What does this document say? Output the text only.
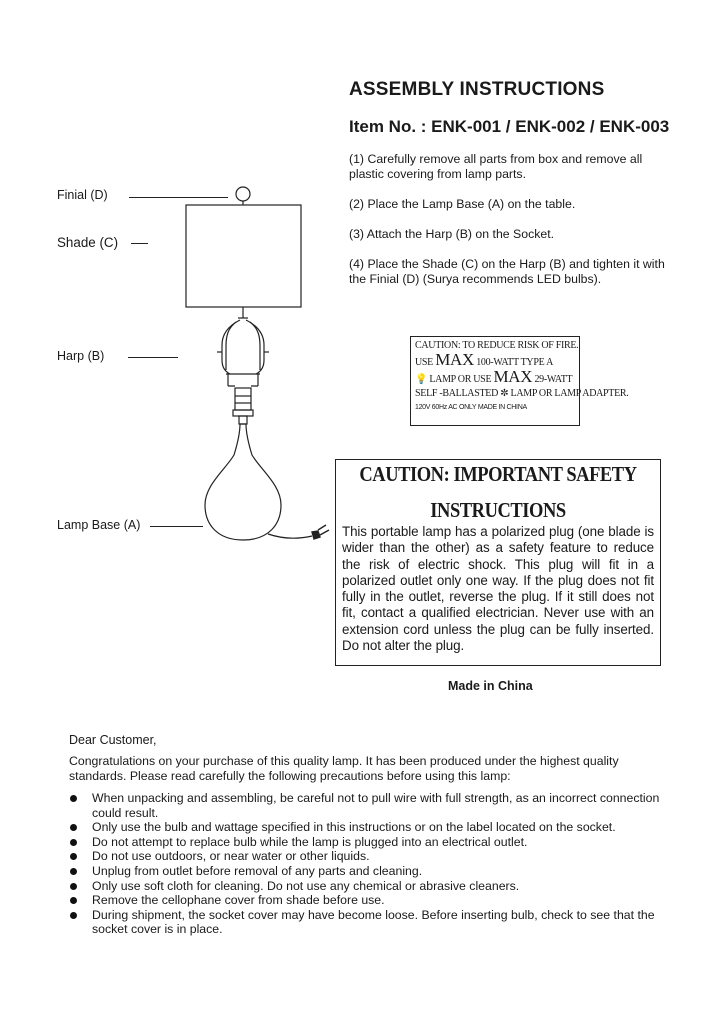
ASSEMBLY INSTRUCTIONS
Item No. : ENK-001 / ENK-002 / ENK-003
(1) Carefully remove all parts from box and remove all plastic covering from lamp parts.
(2) Place the Lamp Base (A) on the table.
(3) Attach the Harp (B) on the Socket.
(4) Place the Shade (C) on the Harp (B) and tighten it with the Finial (D) (Surya recommends LED bulbs).
Finial (D)
Shade (C)
Harp (B)
Lamp Base (A)
CAUTION: TO REDUCE RISK OF FIRE.
USE MAX 100-WATT TYPE A
💡 LAMP OR USE MAX 29-WATT
SELF -BALLASTED ✼ LAMP OR LAMP ADAPTER.
120V 60Hz AC ONLY MADE IN CHINA
CAUTION: IMPORTANT SAFETY
INSTRUCTIONS
This portable lamp has a polarized plug (one blade is wider than the other) as a safety feature to reduce the risk of electric shock. This plug will fit in a polarized outlet only one way. If the plug does not fit fully in the outlet, reverse the plug. If it still does not fit, contact a qualified electrician. Never use with an extension cord unless the plug can be fully inserted. Do not alter the plug.
Made in China
Dear Customer,
Congratulations on your purchase of this quality lamp. It has been produced under the highest quality standards. Please read carefully the following precautions before using this lamp:
When unpacking and assembling, be careful not to pull wire with full strength, as an incorrect connection could result.
Only use the bulb and wattage specified in this instructions or on the label located on the socket.
Do not attempt to replace bulb while the lamp is plugged into an electrical outlet.
Do not use outdoors, or near water or other liquids.
Unplug from outlet before removal of any parts and cleaning.
Only use soft cloth for cleaning. Do not use any chemical or abrasive cleaners.
Remove the cellophane cover from shade before use.
During shipment, the socket cover may have become loose. Before inserting bulb, check to see that the socket cover is in place.
